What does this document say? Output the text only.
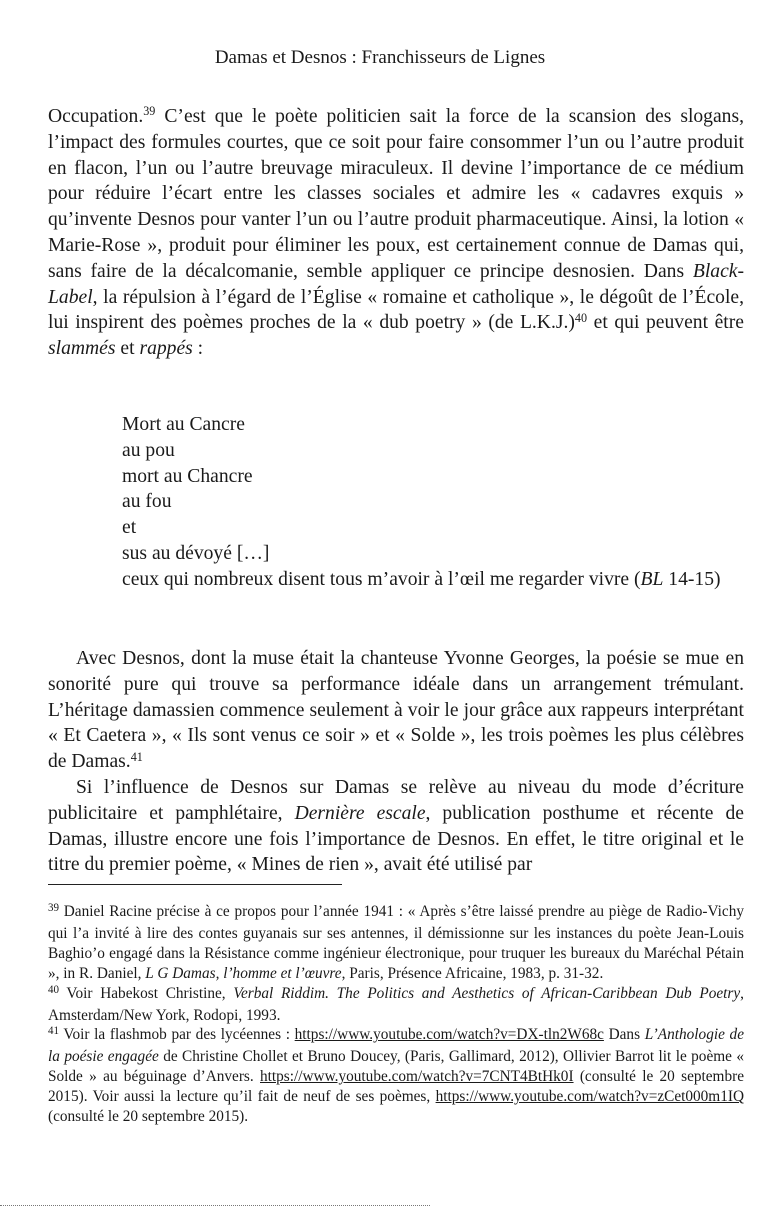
Damas et Desnos : Franchisseurs de Lignes

Occupation.$^{39}$ C’est que le poète politicien sait la force de la scansion des slogans, l’impact des formules courtes, que ce soit pour faire consommer l’un ou l’autre produit en flacon, l’un ou l’autre breuvage miraculeux. Il devine l’importance de ce médium pour réduire l’écart entre les classes sociales et admire les « cadavres exquis » qu’invente Desnos pour vanter l’un ou l’autre produit pharmaceutique. Ainsi, la lotion « Marie-Rose », produit pour éliminer les poux, est certainement connue de Damas qui, sans faire de la décalcomanie, semble appliquer ce principe desnosien. Dans Black-Label, la répulsion à l’égard de l’Église « romaine et catholique », le dégoût de l’École, lui inspirent des poèmes proches de la « dub poetry » (de L.K.J.)$^{40}$ et qui peuvent être slammés et rappés :

Mort au Cancre
au pou
mort au Chancre
au fou
et
sus au dévoyé […]
ceux qui nombreux disent tous m’avoir à l’œil me regarder vivre (BL 14-15)

Avec Desnos, dont la muse était la chanteuse Yvonne Georges, la poésie se mue en sonorité pure qui trouve sa performance idéale dans un arrangement trémulant. L’héritage damassien commence seulement à voir le jour grâce aux rappeurs interprétant « Et Caetera », « Ils sont venus ce soir » et « Solde », les trois poèmes les plus célèbres de Damas.$^{41}$

Si l’influence de Desnos sur Damas se relève au niveau du mode d’écriture publicitaire et pamphlétaire, Dernière escale, publication posthume et récente de Damas, illustre encore une fois l’importance de Desnos. En effet, le titre original et le titre du premier poème, « Mines de rien », avait été utilisé par

$^{39}$ Daniel Racine précise à ce propos pour l’année 1941 : « Après s’être laissé prendre au piège de Radio-Vichy qui l’a invité à lire des contes guyanais sur ses antennes, il démissionne sur les instances du poète Jean-Louis Baghio’o engagé dans la Résistance comme ingénieur électronique, pour truquer les bureaux du Maréchal Pétain », in R. Daniel, L G Damas, l’homme et l’œuvre, Paris, Présence Africaine, 1983, p. 31-32.

$^{40}$ Voir Habekost Christine, Verbal Riddim. The Politics and Aesthetics of African-Caribbean Dub Poetry, Amsterdam/New York, Rodopi, 1993.

$^{41}$ Voir la flashmob par des lycéennes : https://www.youtube.com/watch?v=DX-tln2W68c Dans L’Anthologie de la poésie engagée de Christine Chollet et Bruno Doucey, (Paris, Gallimard, 2012), Ollivier Barrot lit le poème « Solde » au béguinage d’Anvers. https://www.youtube.com/watch?v=7CNT4BtHk0I (consulté le 20 septembre 2015). Voir aussi la lecture qu’il fait de neuf de ses poèmes, https://www.youtube.com/watch?v=zCet000m1IQ (consulté le 20 septembre 2015).
